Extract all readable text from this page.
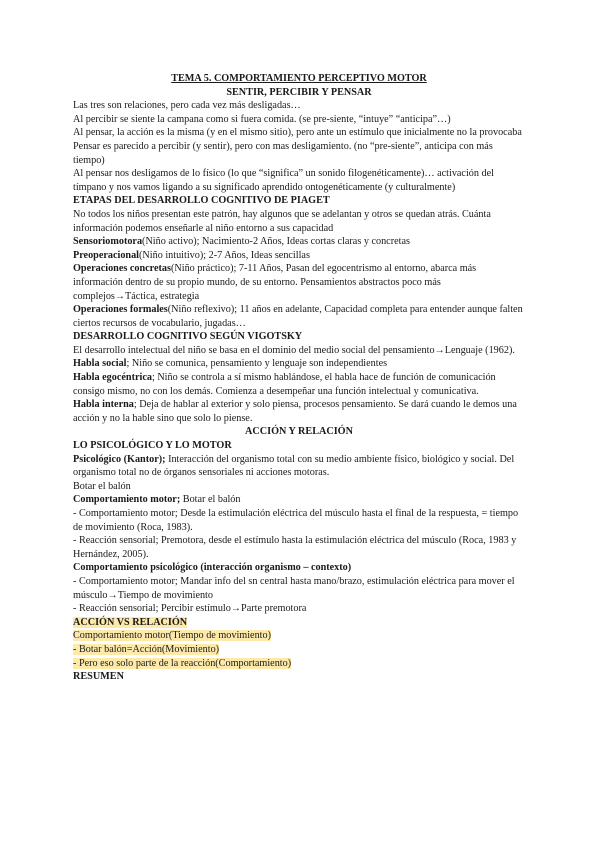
TEMA 5. COMPORTAMIENTO PERCEPTIVO MOTOR

SENTIR, PERCIBIR Y PENSAR

Las tres son relaciones, pero cada vez más desligadas…

Al percibir se siente la campana como si fuera comida. (se pre-siente, “intuye” “anticipa”…)

Al pensar, la acción es la misma (y en el mismo sitio), pero ante un estímulo que inicialmente no la provocaba

Pensar es parecido a percibir (y sentir), pero con mas desligamiento. (no “pre-siente”, anticipa con más tiempo)

Al pensar nos desligamos de lo físico (lo que “significa” un sonido filogenéticamente)… activación del tímpano y nos vamos ligando a su significado aprendido ontogenéticamente (y culturalmente)

ETAPAS DEL DESARROLLO COGNITIVO DE PIAGET

No todos los niños presentan este patrón, hay algunos que se adelantan y otros se quedan atrás. Cuánta información podemos enseñarle al niño entorno a sus capacidad

Sensoriomotora(Niño activo); Nacimiento-2 Años, Ideas cortas claras y concretas

Preoperacional(Niño intuitivo); 2-7 Años, Ideas sencillas

Operaciones concretas(Niño práctico); 7-11 Años, Pasan del egocentrismo al entorno, abarca más información dentro de su propio mundo, de su entorno. Pensamientos abstractos poco más complejos→Táctica, estrategia

Operaciones formales(Niño reflexivo); 11 años en adelante, Capacidad completa para entender aunque falten ciertos recursos de vocabulario, jugadas…

DESARROLLO COGNITIVO SEGÚN VIGOTSKY

El desarrollo intelectual del niño se basa en el dominio del medio social del pensamiento→Lenguaje (1962).

Habla social; Niño se comunica, pensamiento y lenguaje son independientes

Habla egocéntrica; Niño se controla a sí mismo hablándose, el habla hace de función de comunicación consigo mismo, no con los demás. Comienza a desempeñar una función intelectual y comunicativa.

Habla interna; Deja de hablar al exterior y solo piensa, procesos pensamiento. Se dará cuando le demos una acción y no la hable sino que solo lo piense.

ACCIÓN Y RELACIÓN

LO PSICOLÓGICO Y LO MOTOR

Psicológico (Kantor); Interacción del organismo total con su medio ambiente físico, biológico y social. Del organismo total no de órganos sensoriales ni acciones motoras.

Botar el balón

Comportamiento motor; Botar el balón

- Comportamiento motor; Desde la estimulación eléctrica del músculo hasta el final de la respuesta, = tiempo de movimiento (Roca, 1983).

- Reacción sensorial; Premotora, desde el estímulo hasta la estimulación eléctrica del músculo (Roca, 1983 y Hernández, 2005).

Comportamiento psicológico (interacción organismo – contexto)

- Comportamiento motor; Mandar info del sn central hasta mano/brazo, estimulación eléctrica para mover el músculo→Tiempo de movimiento

- Reacción sensorial; Percibir estímulo→Parte premotora

ACCIÓN VS RELACIÓN

Comportamiento motor(Tiempo de movimiento)

- Botar balón=Acción(Movimiento)

- Pero eso solo parte de la reacción(Comportamiento)

RESUMEN
